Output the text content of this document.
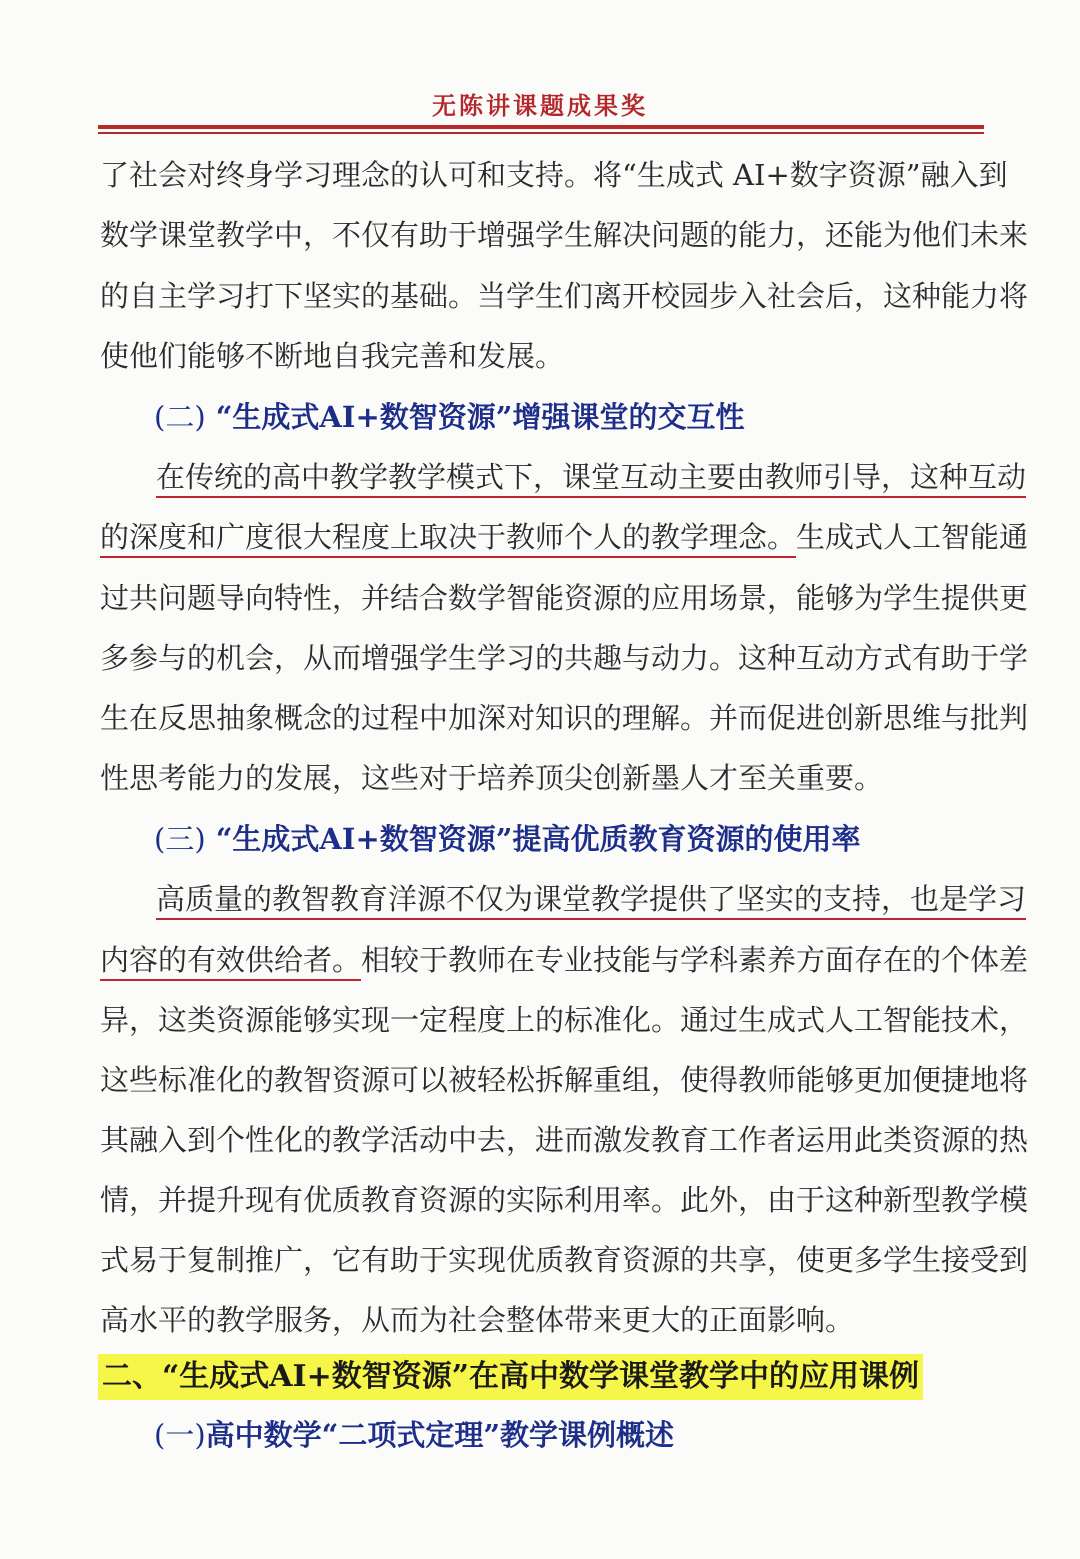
无陈讲课题成果奖
了社会对终身学习理念的认可和支持。将“生成式 AI+数字资源”融入到
数学课堂教学中，不仅有助于增强学生解决问题的能力，还能为他们未来
的自主学习打下坚实的基础。当学生们离开校园步入社会后，这种能力将
使他们能够不断地自我完善和发展。
(二) “生成式AI+数智资源”增强课堂的交互性
在传统的高中教学教学模式下，课堂互动主要由教师引导，这种互动
的深度和广度很大程度上取决于教师个人的教学理念。生成式人工智能通
过共问题导向特性，并结合数学智能资源的应用场景，能够为学生提供更
多参与的机会，从而增强学生学习的共趣与动力。这种互动方式有助于学
生在反思抽象概念的过程中加深对知识的理解。并而促进创新思维与批判
性思考能力的发展，这些对于培养顶尖创新墨人才至关重要。
(三) “生成式AI+数智资源”提高优质教育资源的使用率
高质量的教智教育洋源不仅为课堂教学提供了坚实的支持，也是学习
内容的有效供给者。相较于教师在专业技能与学科素养方面存在的个体差
异，这类资源能够实现一定程度上的标准化。通过生成式人工智能技术，
这些标准化的教智资源可以被轻松拆解重组，使得教师能够更加便捷地将
其融入到个性化的教学活动中去，进而激发教育工作者运用此类资源的热
情，并提升现有优质教育资源的实际利用率。此外，由于这种新型教学模
式易于复制推广，它有助于实现优质教育资源的共享，使更多学生接受到
高水平的教学服务，从而为社会整体带来更大的正面影响。
二、“生成式AI+数智资源”在高中数学课堂教学中的应用课例
(一)高中数学“二项式定理”教学课例概述
